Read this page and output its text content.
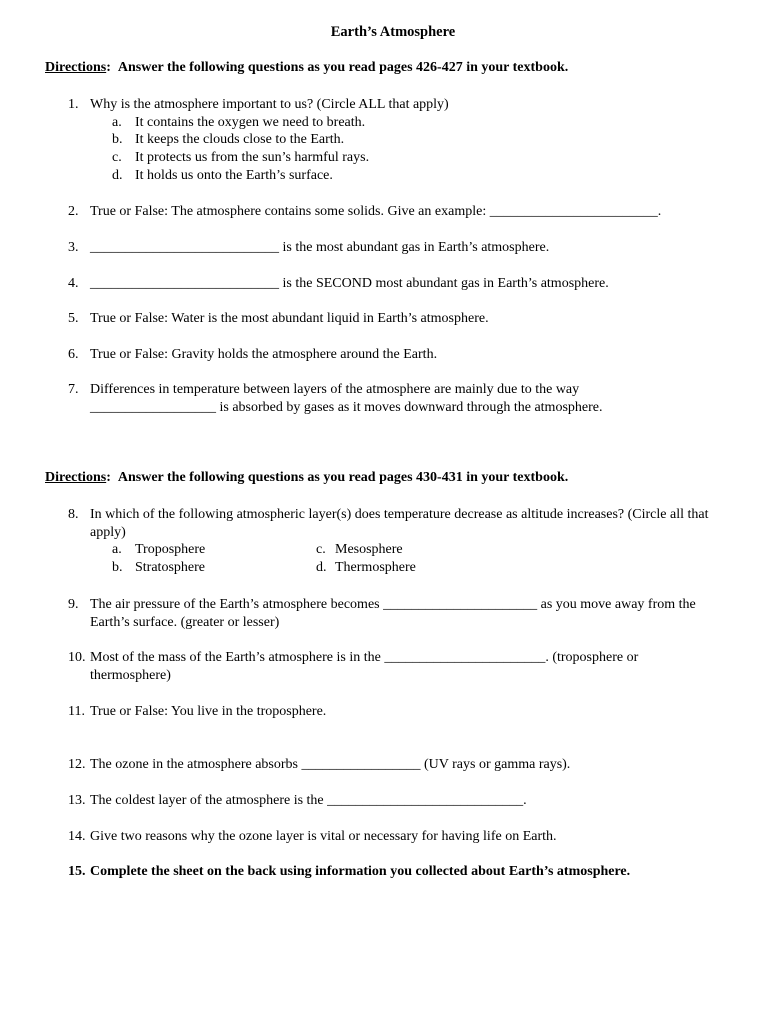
Earth’s Atmosphere
Directions: Answer the following questions as you read pages 426-427 in your textbook.
1. Why is the atmosphere important to us? (Circle ALL that apply)
a. It contains the oxygen we need to breath.
b. It keeps the clouds close to the Earth.
c. It protects us from the sun’s harmful rays.
d. It holds us onto the Earth’s surface.
2. True or False: The atmosphere contains some solids. Give an example: ________________________.
3. ___________________________ is the most abundant gas in Earth’s atmosphere.
4. ___________________________ is the SECOND most abundant gas in Earth’s atmosphere.
5. True or False: Water is the most abundant liquid in Earth’s atmosphere.
6. True or False: Gravity holds the atmosphere around the Earth.
7. Differences in temperature between layers of the atmosphere are mainly due to the way __________________ is absorbed by gases as it moves downward through the atmosphere.
Directions: Answer the following questions as you read pages 430-431 in your textbook.
8. In which of the following atmospheric layer(s) does temperature decrease as altitude increases? (Circle all that apply)
a. Troposphere	c. Mesosphere
b. Stratosphere	d. Thermosphere
9. The air pressure of the Earth’s atmosphere becomes ______________________ as you move away from the Earth’s surface. (greater or lesser)
10. Most of the mass of the Earth’s atmosphere is in the _______________________. (troposphere or thermosphere)
11. True or False: You live in the troposphere.
12. The ozone in the atmosphere absorbs _________________ (UV rays or gamma rays).
13. The coldest layer of the atmosphere is the ____________________________.
14. Give two reasons why the ozone layer is vital or necessary for having life on Earth.
15. Complete the sheet on the back using information you collected about Earth’s atmosphere.
